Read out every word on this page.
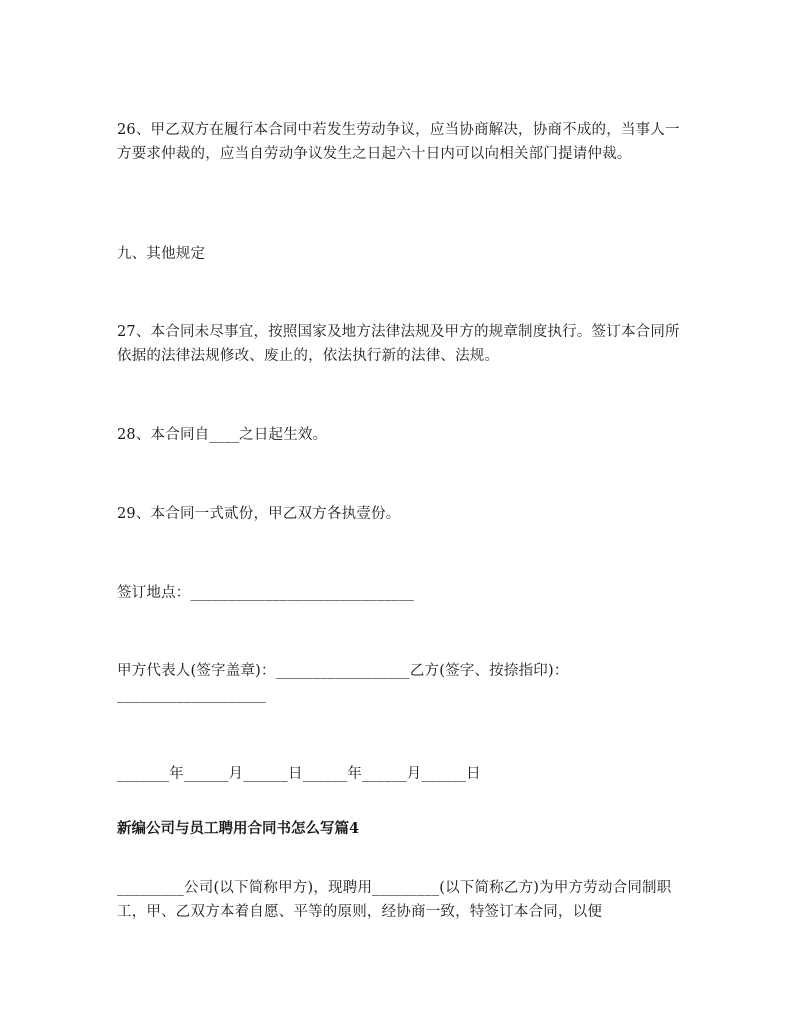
26、甲乙双方在履行本合同中若发生劳动争议，应当协商解决，协商不成的，当事人一方要求仲裁的，应当自劳动争议发生之日起六十日内可以向相关部门提请仲裁。

九、其他规定

27、本合同未尽事宜，按照国家及地方法律法规及甲方的规章制度执行。签订本合同所依据的法律法规修改、废止的，依法执行新的法律、法规。

28、本合同自____之日起生效。

29、本合同一式贰份，甲乙双方各执壹份。

签订地点：______________________________

甲方代表人(签字盖章)：__________________乙方(签字、按捺指印)：____________________

_______年______月______日______年______月______日

新编公司与员工聘用合同书怎么写篇4

_________公司(以下简称甲方)，现聘用_________(以下简称乙方)为甲方劳动合同制职工，甲、乙双方本着自愿、平等的原则，经协商一致，特签订本合同，以便
